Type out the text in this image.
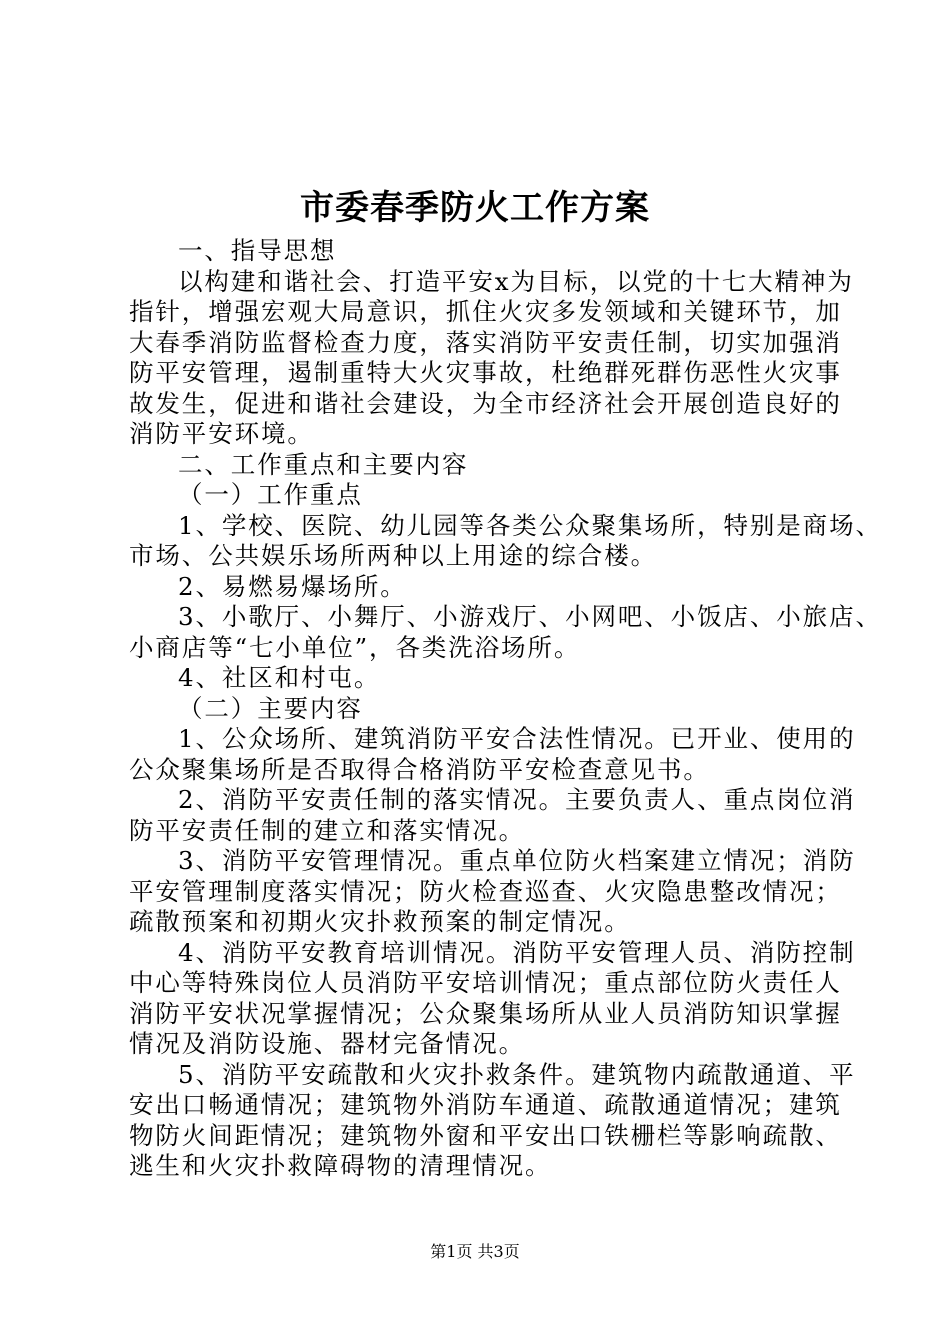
市委春季防火工作方案
一、指导思想
以构建和谐社会、打造平安x为目标，以党的十七大精神为
指针，增强宏观大局意识，抓住火灾多发领域和关键环节，加
大春季消防监督检查力度，落实消防平安责任制，切实加强消
防平安管理，遏制重特大火灾事故，杜绝群死群伤恶性火灾事
故发生，促进和谐社会建设，为全市经济社会开展创造良好的
消防平安环境。
二、工作重点和主要内容
（一）工作重点
1、学校、医院、幼儿园等各类公众聚集场所，特别是商场、
市场、公共娱乐场所两种以上用途的综合楼。
2、易燃易爆场所。
3、小歌厅、小舞厅、小游戏厅、小网吧、小饭店、小旅店、
小商店等“七小单位”，各类洗浴场所。
4、社区和村屯。
（二）主要内容
1、公众场所、建筑消防平安合法性情况。已开业、使用的
公众聚集场所是否取得合格消防平安检查意见书。
2、消防平安责任制的落实情况。主要负责人、重点岗位消
防平安责任制的建立和落实情况。
3、消防平安管理情况。重点单位防火档案建立情况；消防
平安管理制度落实情况；防火检查巡查、火灾隐患整改情况；
疏散预案和初期火灾扑救预案的制定情况。
4、消防平安教育培训情况。消防平安管理人员、消防控制
中心等特殊岗位人员消防平安培训情况；重点部位防火责任人
消防平安状况掌握情况；公众聚集场所从业人员消防知识掌握
情况及消防设施、器材完备情况。
5、消防平安疏散和火灾扑救条件。建筑物内疏散通道、平
安出口畅通情况；建筑物外消防车通道、疏散通道情况；建筑
物防火间距情况；建筑物外窗和平安出口铁栅栏等影响疏散、
逃生和火灾扑救障碍物的清理情况。
第1页 共3页
